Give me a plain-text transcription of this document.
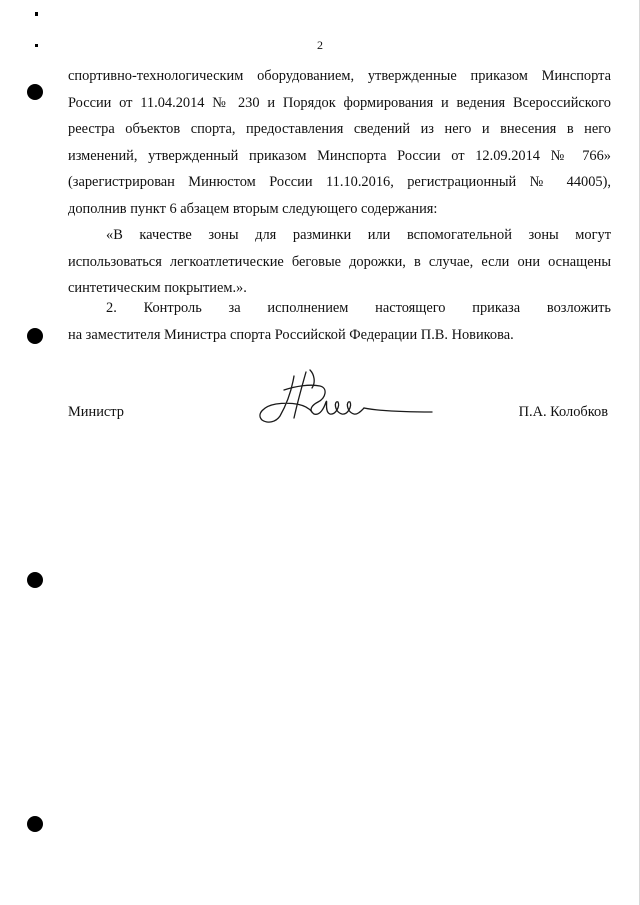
2
спортивно-технологическим оборудованием, утвержденные приказом Минспорта
России от 11.04.2014 № 230 и Порядок формирования и ведения Всероссийского
реестра объектов спорта, предоставления сведений из него и внесения в него
изменений, утвержденный приказом Минспорта России от 12.09.2014 № 766»
(зарегистрирован Минюстом России 11.10.2016, регистрационный № 44005),
дополнив пункт 6 абзацем вторым следующего содержания:
«В качестве зоны для разминки или вспомогательной зоны могут
использоваться легкоатлетические беговые дорожки, в случае, если они оснащены
синтетическим покрытием.».
2. Контроль за исполнением настоящего приказа возложить
на заместителя Министра спорта Российской Федерации П.В. Новикова.
Министр	П.А. Колобков
